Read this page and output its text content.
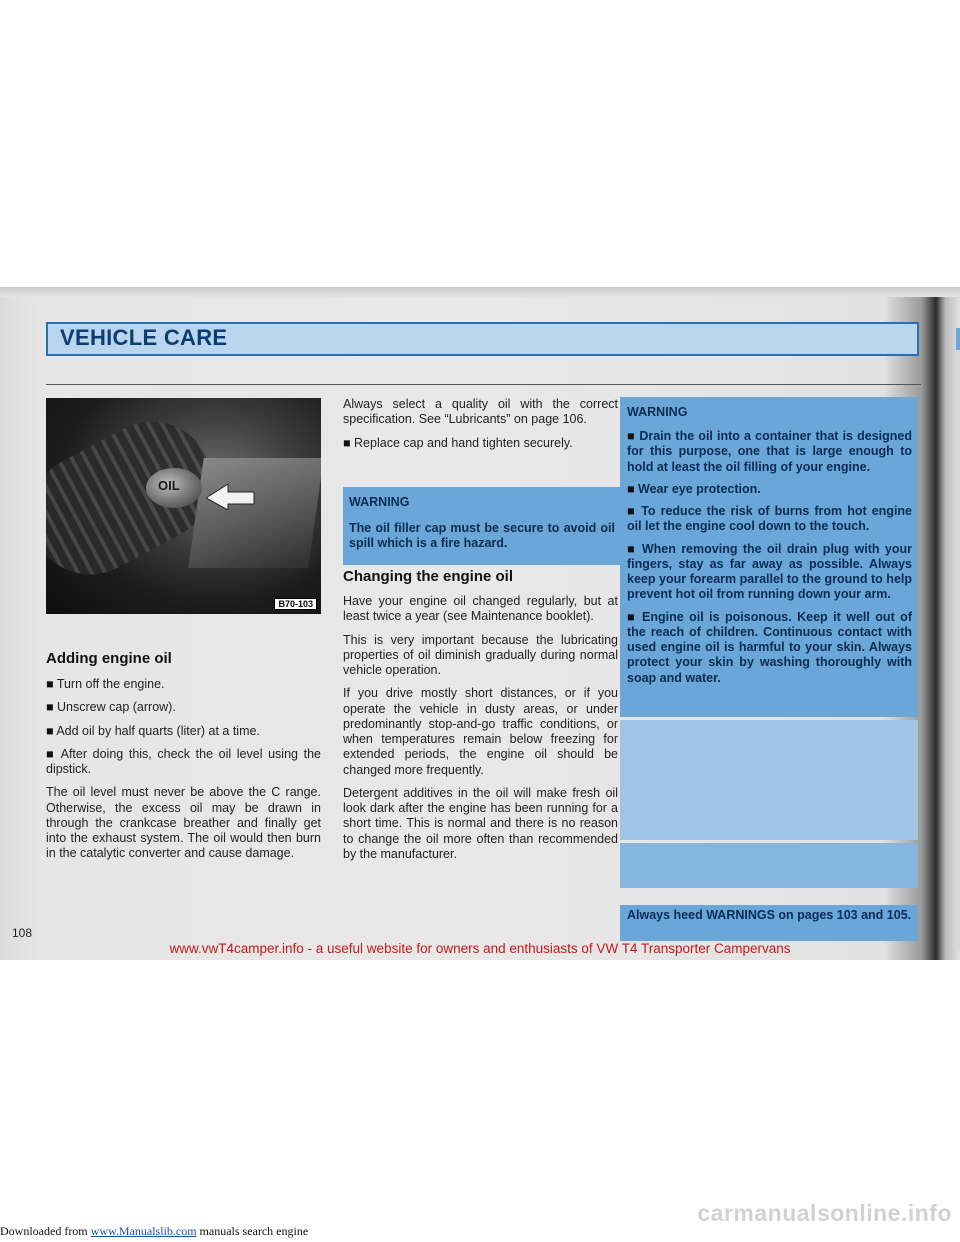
VEHICLE CARE
OIL
B70-103
Adding engine oil

■ Turn off the engine.

■ Unscrew cap (arrow).

■ Add oil by half quarts (liter) at a time.

■ After doing this, check the oil level using the dipstick.

The oil level must never be above the C range. Otherwise, the excess oil may be drawn in through the crankcase breather and finally get into the exhaust system. The oil would then burn in the catalytic converter and cause damage.

Always select a quality oil with the correct specification. See “Lubricants” on page 106.

■ Replace cap and hand tighten securely.

WARNING
The oil filler cap must be secure to avoid oil spill which is a fire hazard.
Changing the engine oil

Have your engine oil changed regularly, but at least twice a year (see Maintenance booklet).

This is very important because the lubricating properties of oil diminish gradually during normal vehicle operation.

If you drive mostly short distances, or if you operate the vehicle in dusty areas, or under predominantly stop-and-go traffic conditions, or when temperatures remain below freezing for extended periods, the engine oil should be changed more frequently.

Detergent additives in the oil will make fresh oil look dark after the engine has been running for a short time. This is normal and there is no reason to change the oil more often than recommended by the manufacturer.

WARNING

■ Drain the oil into a container that is designed for this purpose, one that is large enough to hold at least the oil filling of your engine.

■ Wear eye protection.

■ To reduce the risk of burns from hot engine oil let the engine cool down to the touch.

■ When removing the oil drain plug with your fingers, stay as far away as possible. Always keep your forearm parallel to the ground to help prevent hot oil from running down your arm.

■ Engine oil is poisonous. Keep it well out of the reach of children. Continuous contact with used engine oil is harmful to your skin. Always protect your skin by washing thoroughly with soap and water.

Always heed WARNINGS on pages 103 and 105.
108
www.vwT4camper.info - a useful website for owners and enthusiasts of VW T4 Transporter Campervans
Downloaded from www.Manualslib.com manuals search engine
carmanualsonline.info
